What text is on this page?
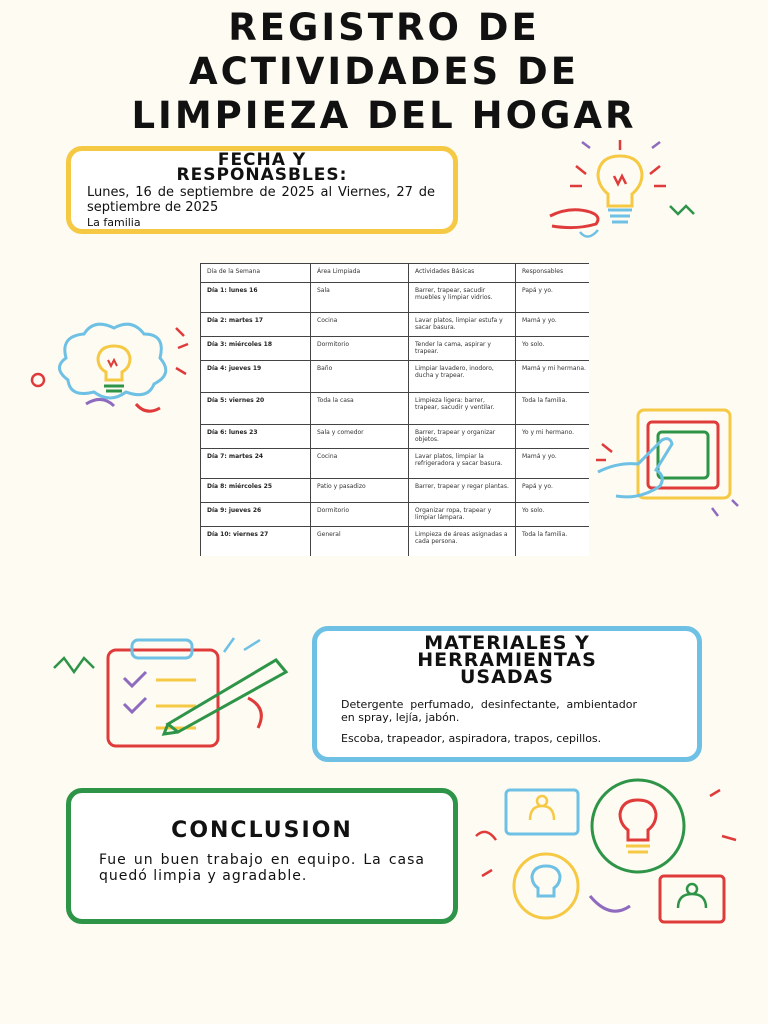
REGISTRO DE
ACTIVIDADES DE
LIMPIEZA DEL HOGAR
FECHA Y
RESPONASBLES:
Lunes, 16 de septiembre de 2025 al Viernes, 27 de septiembre de 2025
La familia
Día de la Semana	Área Limpiada	Actividades Básicas	Responsables
Día 1: lunes 16	Sala	Barrer, trapear, sacudir muebles y limpiar vidrios.	Papá y yo.
Día 2: martes 17	Cocina	Lavar platos, limpiar estufa y sacar basura.	Mamá y yo.
Día 3: miércoles 18	Dormitorio	Tender la cama, aspirar y trapear.	Yo solo.
Día 4: jueves 19	Baño	Limpiar lavadero, inodoro, ducha y trapear.	Mamá y mi hermana.
Día 5: viernes 20	Toda la casa	Limpieza ligera: barrer, trapear, sacudir y ventilar.	Toda la familia.
Día 6: lunes 23	Sala y comedor	Barrer, trapear y organizar objetos.	Yo y mi hermano.
Día 7: martes 24	Cocina	Lavar platos, limpiar la refrigeradora y sacar basura.	Mamá y yo.
Día 8: miércoles 25	Patio y pasadizo	Barrer, trapear y regar plantas.	Papá y yo.
Día 9: jueves 26	Dormitorio	Organizar ropa, trapear y limpiar lámpara.	Yo solo.
Día 10: viernes 27	General	Limpieza de áreas asignadas a cada persona.	Toda la familia.
MATERIALES Y
HERRAMIENTAS
USADAS
Detergente perfumado, desinfectante, ambientador en spray, lejía, jabón.
Escoba, trapeador, aspiradora, trapos, cepillos.
CONCLUSION
Fue un buen trabajo en equipo. La casa quedó limpia y agradable.
